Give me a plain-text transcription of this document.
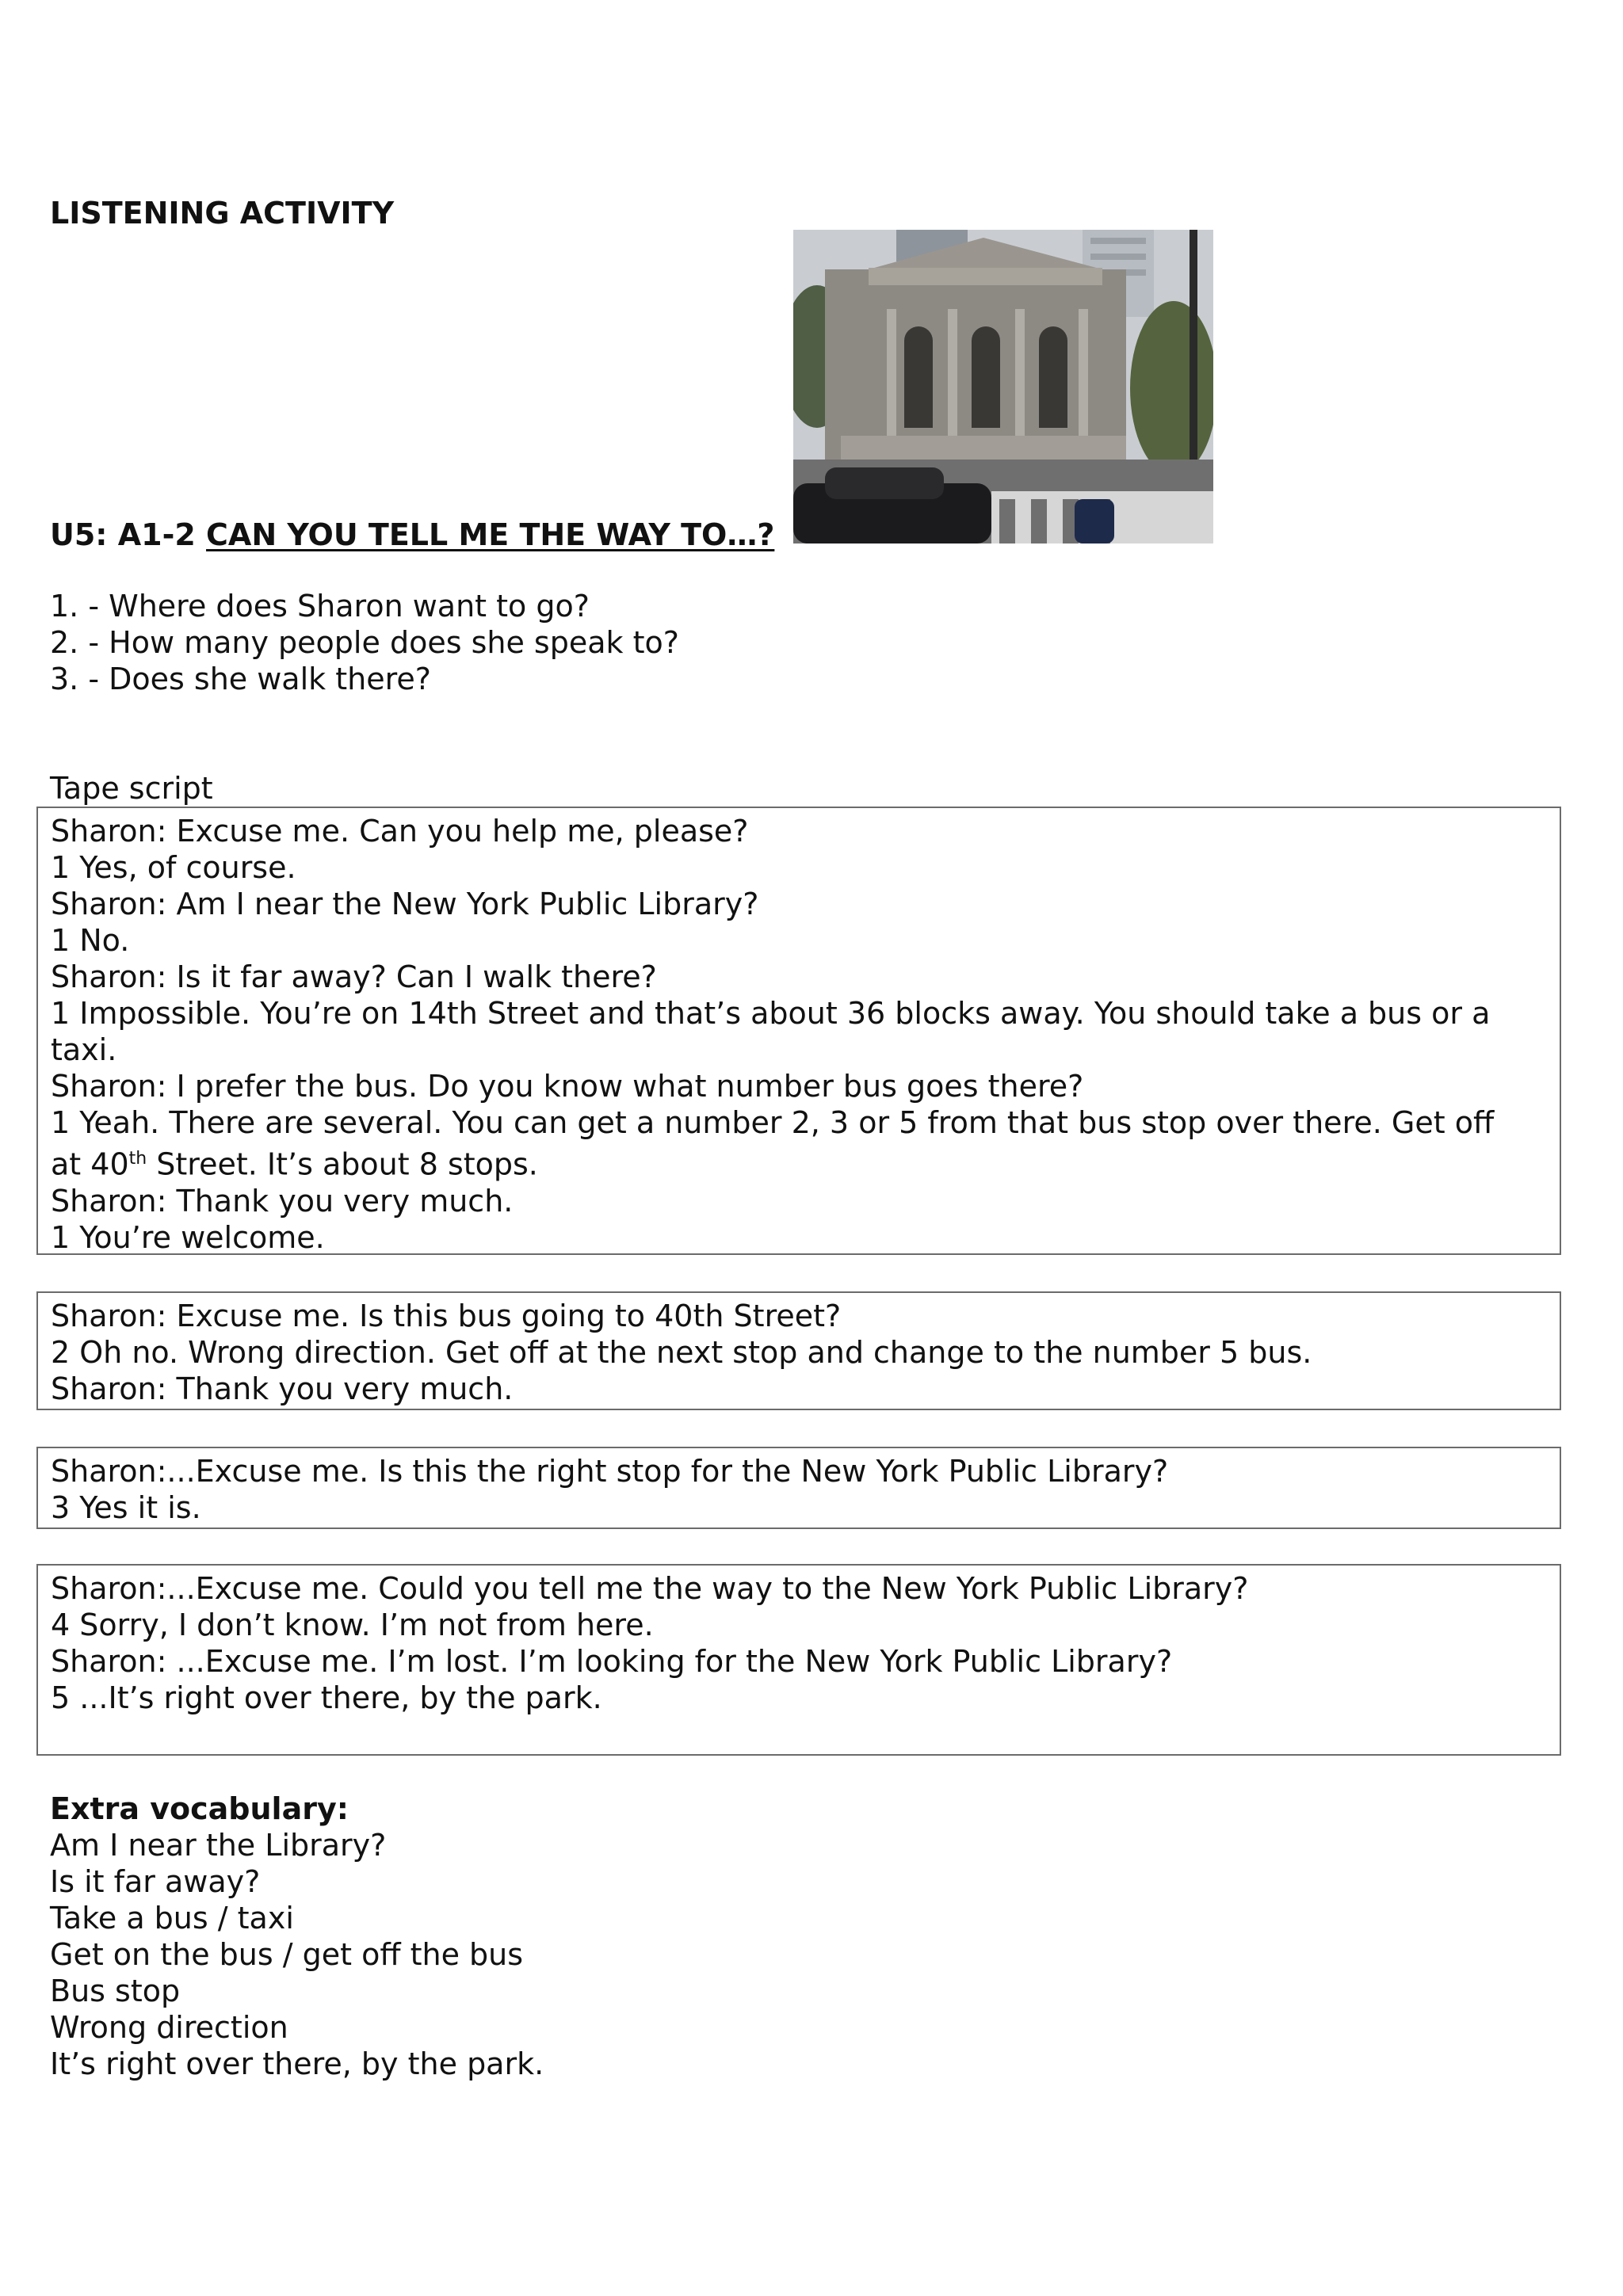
LISTENING ACTIVITY
U5: A1-2 CAN YOU TELL ME THE WAY TO…?
1. - Where does Sharon want to go?
2. - How many people does she speak to?
3. - Does she walk there?
Tape script
Sharon: Excuse me. Can you help me, please?
1 Yes, of course.
Sharon: Am I near the New York Public Library?
1 No.
Sharon: Is it far away? Can I walk there?
1 Impossible. You’re on 14th Street and that’s about 36 blocks away. You should take a bus or a taxi.
Sharon: I prefer the bus. Do you know what number bus goes there?
1 Yeah. There are several. You can get a number 2, 3 or 5 from that bus stop over there. Get off
at 40th Street. It’s about 8 stops.
Sharon: Thank you very much.
1 You’re welcome.
Sharon: Excuse me. Is this bus going to 40th Street?
2 Oh no. Wrong direction. Get off at the next stop and change to the number 5 bus.
Sharon: Thank you very much.
Sharon:...Excuse me. Is this the right stop for the New York Public Library?
3 Yes it is.
Sharon:...Excuse me. Could you tell me the way to the New York Public Library?
4 Sorry, I don’t know. I’m not from here.
Sharon: ...Excuse me. I’m lost. I’m looking for the New York Public Library?
5 ...It’s right over there, by the park.
Extra vocabulary:
Am I near the Library?
Is it far away?
Take a bus / taxi
Get on the bus / get off the bus
Bus stop
Wrong direction
It’s right over there, by the park.
